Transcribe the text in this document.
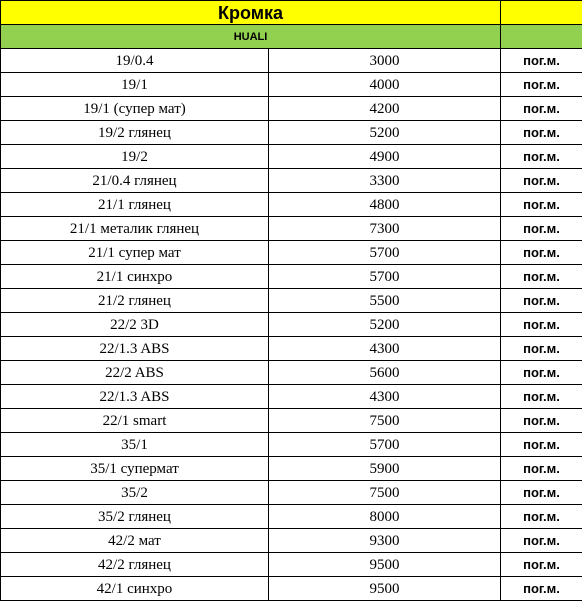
Кромка		
HUALI		
19/0.4	3000	пог.м.
19/1	4000	пог.м.
19/1 (супер мат)	4200	пог.м.
19/2 глянец	5200	пог.м.
19/2	4900	пог.м.
21/0.4 глянец	3300	пог.м.
21/1 глянец	4800	пог.м.
21/1 металик глянец	7300	пог.м.
21/1 супер мат	5700	пог.м.
21/1 синхро	5700	пог.м.
21/2 глянец	5500	пог.м.
22/2 3D	5200	пог.м.
22/1.3 ABS	4300	пог.м.
22/2 ABS	5600	пог.м.
22/1.3 ABS	4300	пог.м.
22/1 smart	7500	пог.м.
35/1	5700	пог.м.
35/1 супермат	5900	пог.м.
35/2	7500	пог.м.
35/2 глянец	8000	пог.м.
42/2 мат	9300	пог.м.
42/2 глянец	9500	пог.м.
42/1 синхро	9500	пог.м.
